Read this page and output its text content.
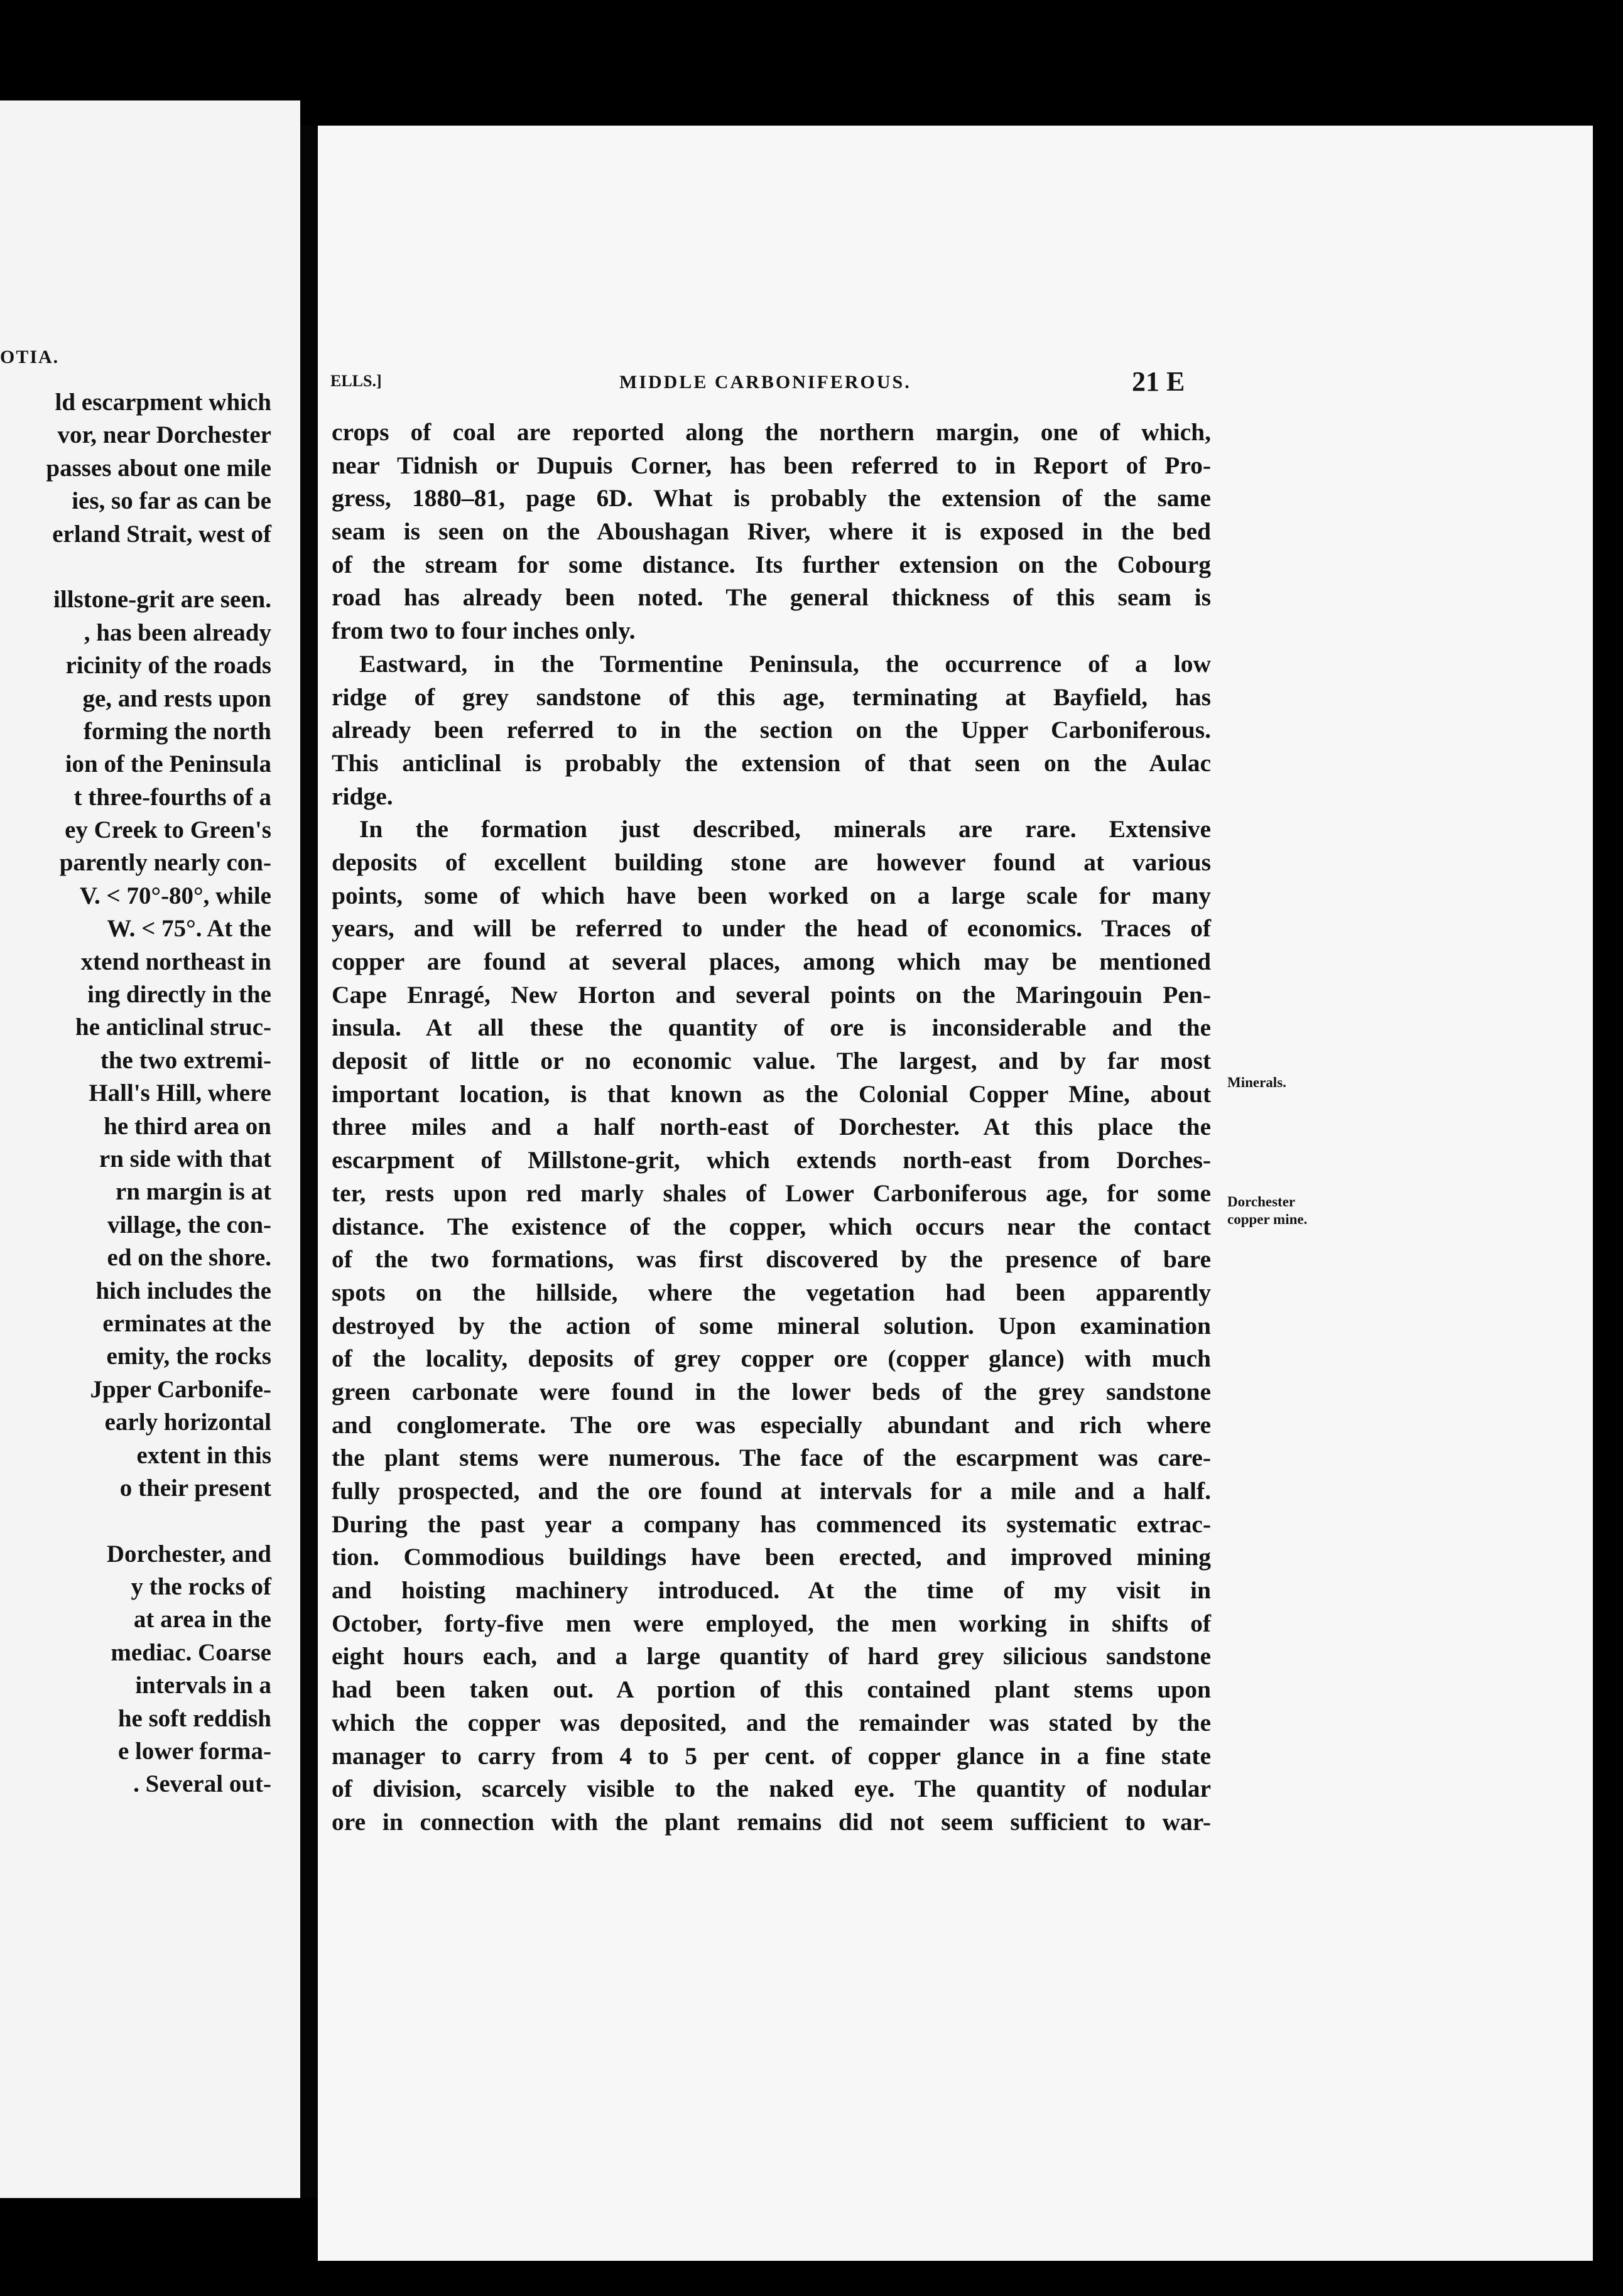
OTIA.
ld escarpment which
vor, near Dorchester
passes about one mile
ies, so far as can be
erland Strait, west of
illstone-grit are seen.
, has been already
ricinity of the roads
ge, and rests upon
forming the north
ion of the Peninsula
t three-fourths of a
ey Creek to Green's
parently nearly con-
V. < 70°-80°, while
W. < 75°. At the
xtend northeast in
ing directly in the
he anticlinal struc-
the two extremi-
Hall's Hill, where
he third area on
rn side with that
rn margin is at
village, the con-
ed on the shore.
hich includes the
erminates at the
emity, the rocks
Jpper Carbonife-
early horizontal
extent in this
o their present
Dorchester, and
y the rocks of
at area in the
mediac. Coarse
intervals in a
he soft reddish
e lower forma-
. Several out-
ELLS.]	MIDDLE CARBONIFEROUS.	21 E
crops of coal are reported along the northern margin, one of which,
near Tidnish or Dupuis Corner, has been referred to in Report of Pro-
gress, 1880–81, page 6D. What is probably the extension of the same
seam is seen on the Aboushagan River, where it is exposed in the bed
of the stream for some distance. Its further extension on the Cobourg
road has already been noted. The general thickness of this seam is
from two to four inches only.
Eastward, in the Tormentine Peninsula, the occurrence of a low
ridge of grey sandstone of this age, terminating at Bayfield, has
already been referred to in the section on the Upper Carboniferous.
This anticlinal is probably the extension of that seen on the Aulac
ridge.
In the formation just described, minerals are rare. Extensive
deposits of excellent building stone are however found at various
points, some of which have been worked on a large scale for many
years, and will be referred to under the head of economics. Traces of
copper are found at several places, among which may be mentioned
Cape Enragé, New Horton and several points on the Maringouin Pen-
insula. At all these the quantity of ore is inconsiderable and the
deposit of little or no economic value. The largest, and by far most
important location, is that known as the Colonial Copper Mine, about
three miles and a half north-east of Dorchester. At this place the
escarpment of Millstone-grit, which extends north-east from Dorches-
ter, rests upon red marly shales of Lower Carboniferous age, for some
distance. The existence of the copper, which occurs near the contact
of the two formations, was first discovered by the presence of bare
spots on the hillside, where the vegetation had been apparently
destroyed by the action of some mineral solution. Upon examination
of the locality, deposits of grey copper ore (copper glance) with much
green carbonate were found in the lower beds of the grey sandstone
and conglomerate. The ore was especially abundant and rich where
the plant stems were numerous. The face of the escarpment was care-
fully prospected, and the ore found at intervals for a mile and a half.
During the past year a company has commenced its systematic extrac-
tion. Commodious buildings have been erected, and improved mining
and hoisting machinery introduced. At the time of my visit in
October, forty-five men were employed, the men working in shifts of
eight hours each, and a large quantity of hard grey silicious sandstone
had been taken out. A portion of this contained plant stems upon
which the copper was deposited, and the remainder was stated by the
manager to carry from 4 to 5 per cent. of copper glance in a fine state
of division, scarcely visible to the naked eye. The quantity of nodular
ore in connection with the plant remains did not seem sufficient to war-
Minerals.
Dorchester
copper mine.
